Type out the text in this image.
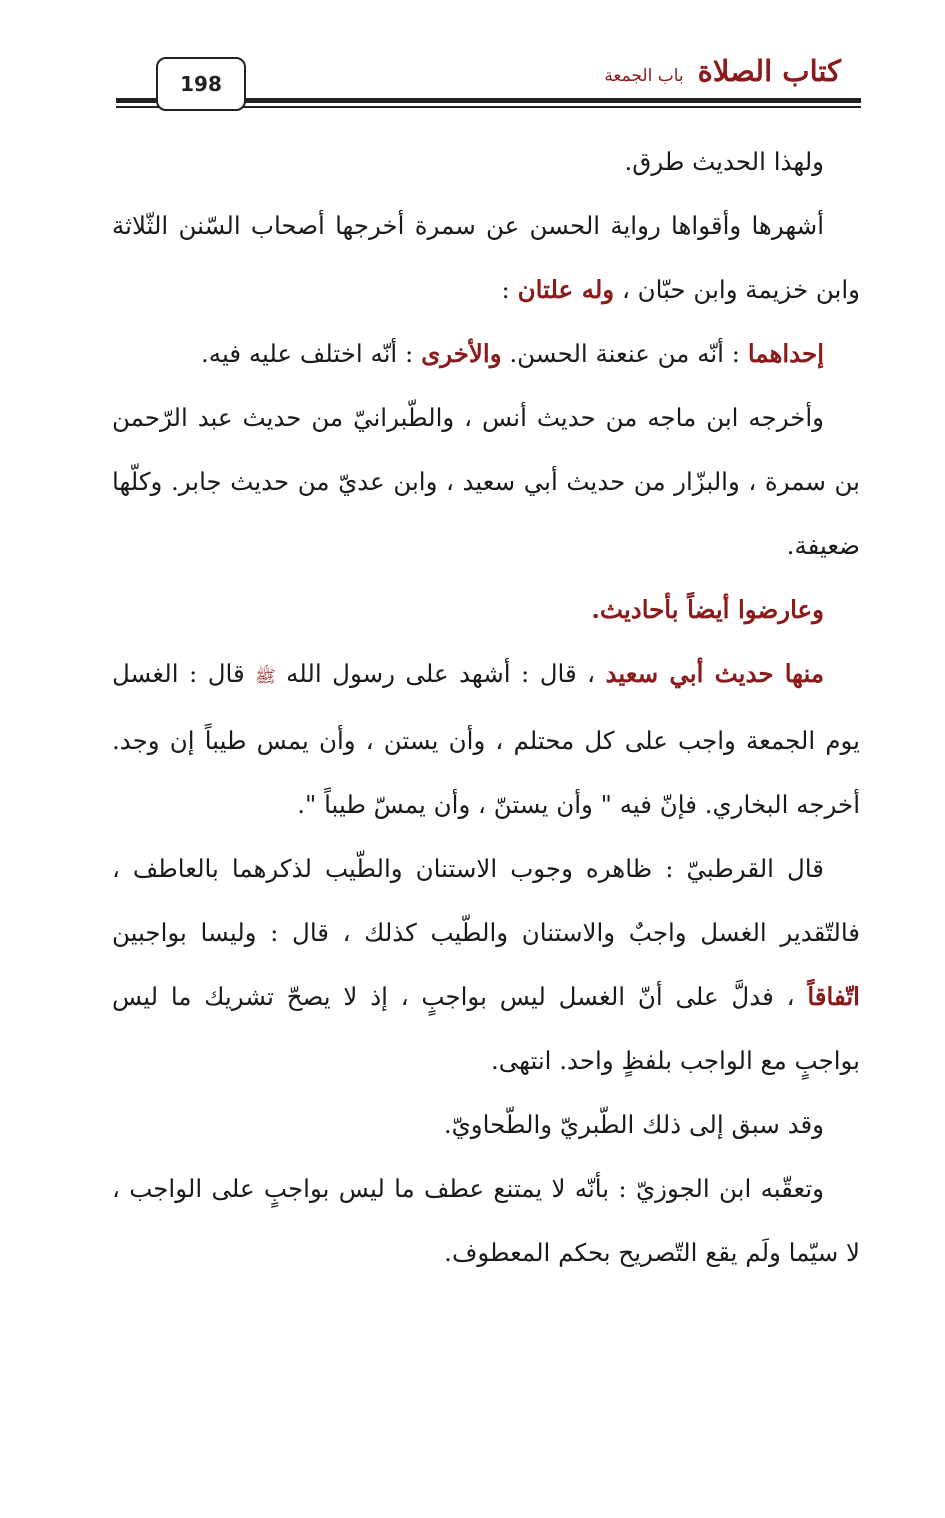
198	كتاب الصلاة
باب الجمعة

ولهذا الحديث طرق.

أشهرها وأقواها رواية الحسن عن سمرة أخرجها أصحاب السّنن الثّلاثة وابن خزيمة وابن حبّان ، وله علتان :

إحداهما : أنّه من عنعنة الحسن. والأخرى : أنّه اختلف عليه فيه.

وأخرجه ابن ماجه من حديث أنس ، والطّبرانيّ من حديث عبد الرّحمن بن سمرة ، والبزّار من حديث أبي سعيد ، وابن عديّ من حديث جابر. وكلّها ضعيفة.

وعارضوا أيضاً بأحاديث.

منها حديث أبي سعيد ، قال : أشهد على رسول الله ﷺ قال : الغسل يوم الجمعة واجب على كل محتلم ، وأن يستن ، وأن يمس طيباً إن وجد. أخرجه البخاري. فإنّ فيه " وأن يستنّ ، وأن يمسّ طيباً ".

قال القرطبيّ : ظاهره وجوب الاستنان والطّيب لذكرهما بالعاطف ، فالتّقدير الغسل واجبٌ والاستنان والطّيب كذلك ، قال : وليسا بواجبين اتّفاقاً ، فدلَّ على أنّ الغسل ليس بواجبٍ ، إذ لا يصحّ تشريك ما ليس بواجبٍ مع الواجب بلفظٍ واحد. انتهى.

وقد سبق إلى ذلك الطّبريّ والطّحاويّ.

وتعقّبه ابن الجوزيّ : بأنّه لا يمتنع عطف ما ليس بواجبٍ على الواجب ، لا سيّما ولَم يقع التّصريح بحكم المعطوف.
